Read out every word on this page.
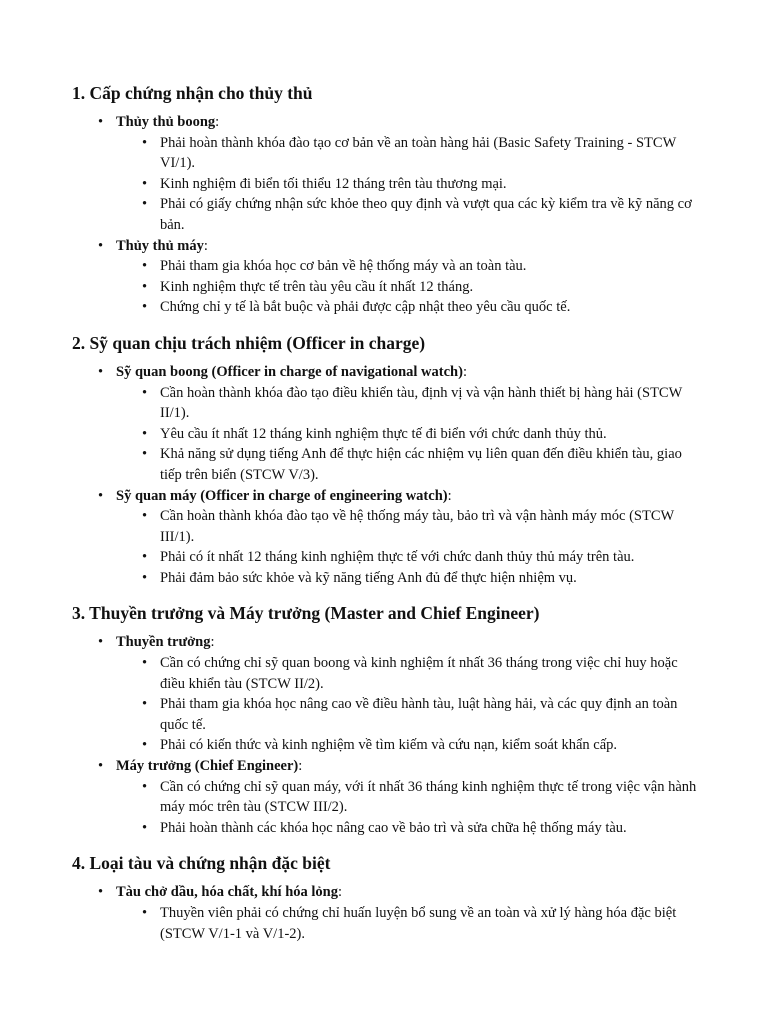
1. Cấp chứng nhận cho thủy thủ
• Thủy thủ boong:
• Phải hoàn thành khóa đào tạo cơ bản về an toàn hàng hải (Basic Safety Training - STCW VI/1).
• Kinh nghiệm đi biển tối thiểu 12 tháng trên tàu thương mại.
• Phải có giấy chứng nhận sức khỏe theo quy định và vượt qua các kỳ kiểm tra về kỹ năng cơ bản.
• Thủy thủ máy:
• Phải tham gia khóa học cơ bản về hệ thống máy và an toàn tàu.
• Kinh nghiệm thực tế trên tàu yêu cầu ít nhất 12 tháng.
• Chứng chỉ y tế là bắt buộc và phải được cập nhật theo yêu cầu quốc tế.
2. Sỹ quan chịu trách nhiệm (Officer in charge)
• Sỹ quan boong (Officer in charge of navigational watch):
• Cần hoàn thành khóa đào tạo điều khiển tàu, định vị và vận hành thiết bị hàng hải (STCW II/1).
• Yêu cầu ít nhất 12 tháng kinh nghiệm thực tế đi biển với chức danh thủy thủ.
• Khả năng sử dụng tiếng Anh để thực hiện các nhiệm vụ liên quan đến điều khiển tàu, giao tiếp trên biển (STCW V/3).
• Sỹ quan máy (Officer in charge of engineering watch):
• Cần hoàn thành khóa đào tạo về hệ thống máy tàu, bảo trì và vận hành máy móc (STCW III/1).
• Phải có ít nhất 12 tháng kinh nghiệm thực tế với chức danh thủy thủ máy trên tàu.
• Phải đảm bảo sức khỏe và kỹ năng tiếng Anh đủ để thực hiện nhiệm vụ.
3. Thuyền trưởng và Máy trưởng (Master and Chief Engineer)
• Thuyền trưởng:
• Cần có chứng chỉ sỹ quan boong và kinh nghiệm ít nhất 36 tháng trong việc chỉ huy hoặc điều khiển tàu (STCW II/2).
• Phải tham gia khóa học nâng cao về điều hành tàu, luật hàng hải, và các quy định an toàn quốc tế.
• Phải có kiến thức và kinh nghiệm về tìm kiếm và cứu nạn, kiểm soát khẩn cấp.
• Máy trưởng (Chief Engineer):
• Cần có chứng chỉ sỹ quan máy, với ít nhất 36 tháng kinh nghiệm thực tế trong việc vận hành máy móc trên tàu (STCW III/2).
• Phải hoàn thành các khóa học nâng cao về bảo trì và sửa chữa hệ thống máy tàu.
4. Loại tàu và chứng nhận đặc biệt
• Tàu chở dầu, hóa chất, khí hóa lỏng:
• Thuyền viên phải có chứng chỉ huấn luyện bổ sung về an toàn và xử lý hàng hóa đặc biệt (STCW V/1-1 và V/1-2).
